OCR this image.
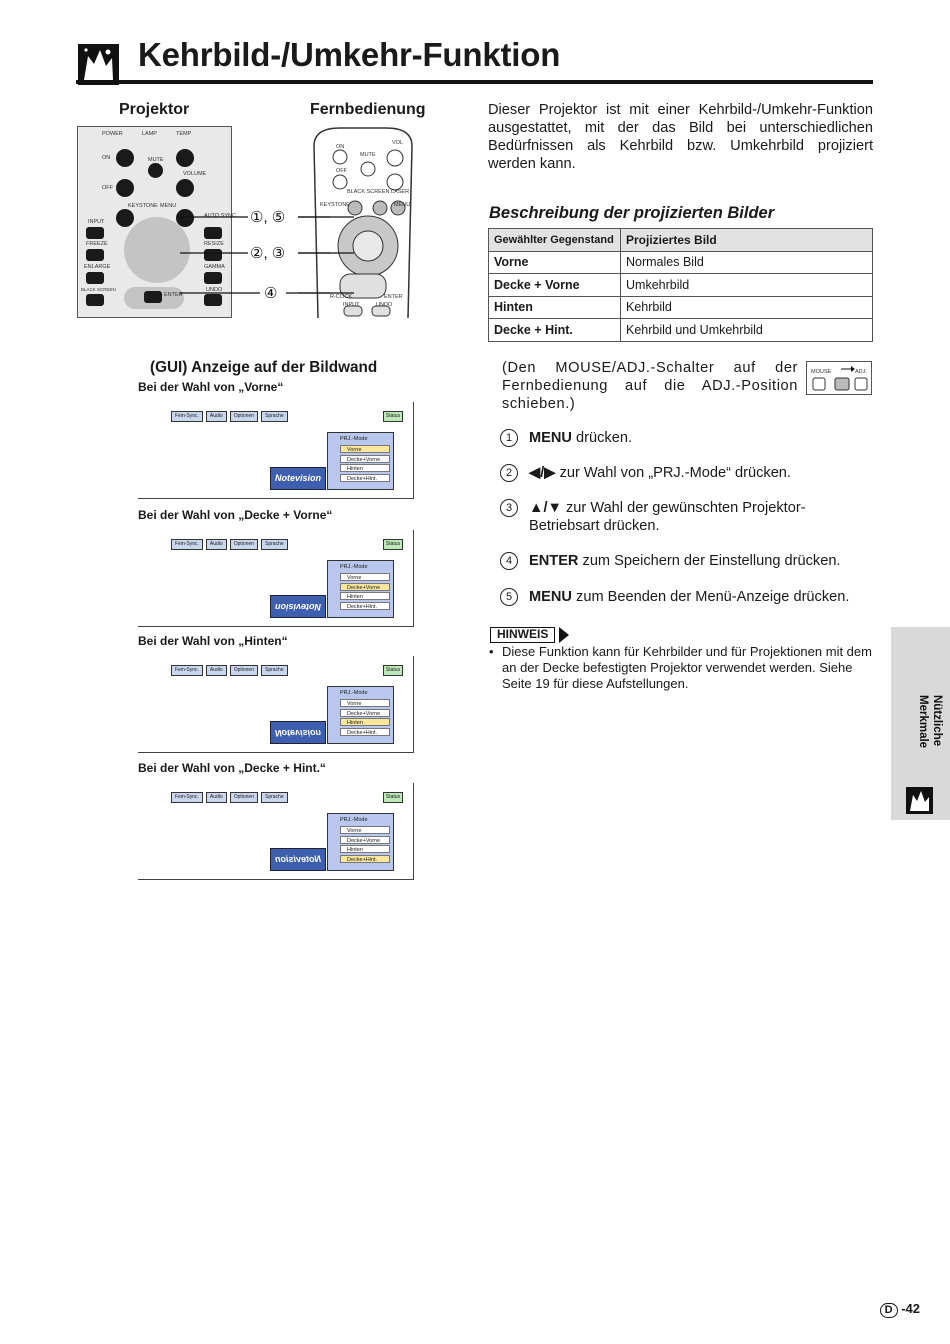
Kehrbild-/Umkehr-Funktion
Projektor	Fernbedienung
POWER	LAMP	TEMP
ON	MUTE
VOLUME
OFF
KEYSTONE MENU
AUTO SYNC
INPUT
FREEZE	RESIZE
ENLARGE	GAMMA
BLACK SCREEN
ENTER
UNDO
VOL
ON
MUTE
OFF
BLACK SCREEN LASER
KEYSTONE	MENU
R-CLICK	ENTER
INPUT	UNDO
①, ⑤
②, ③
④
(GUI) Anzeige auf der Bildwand
Bei der Wahl von „Vorne“
Fein-Sync.	Audio	Optionen	Sprache	Status
PRJ.-Mode
Vorne
Decke+Vorne
Hinten
Decke+Hint.
Notevision
Bei der Wahl von „Decke + Vorne“
Fein-Sync.	Audio	Optionen	Sprache	Status
PRJ.-Mode
Vorne
Decke+Vorne
Hinten
Decke+Hint.
Notevision
Bei der Wahl von „Hinten“
Fein-Sync.	Audio	Optionen	Sprache	Status
PRJ.-Mode
Vorne
Decke+Vorne
Hinten
Decke+Hint.
Notevision
Bei der Wahl von „Decke + Hint.“
Fein-Sync.	Audio	Optionen	Sprache	Status
PRJ.-Mode
Vorne
Decke+Vorne
Hinten
Decke+Hint.
Notevision
Dieser Projektor ist mit einer Kehrbild-/Umkehr-Funktion ausgestattet, mit der das Bild bei unterschiedlichen Bedürfnissen als Kehrbild bzw. Umkehrbild projiziert werden kann.
Beschreibung der projizierten Bilder
Gewählter Gegenstand	Projiziertes Bild
Vorne	Normales Bild
Decke + Vorne	Umkehrbild
Hinten	Kehrbild
Decke + Hint.	Kehrbild und Umkehrbild
(Den MOUSE/ADJ.-Schalter auf der Fernbedienung auf die ADJ.-Position schieben.)
MOUSE	ADJ.
1	MENU drücken.
2	◀/▶ zur Wahl von „PRJ.-Mode“ drücken.
3	▲/▼ zur Wahl der gewünschten Projektor-Betriebsart drücken.
4	ENTER zum Speichern der Einstellung drücken.
5	MENU zum Beenden der Menü-Anzeige drücken.
HINWEIS
• Diese Funktion kann für Kehrbilder und für Projektionen mit dem an der Decke befestigten Projektor verwendet werden. Siehe Seite 19 für diese Aufstellungen.
Nützliche Merkmale
D -42
